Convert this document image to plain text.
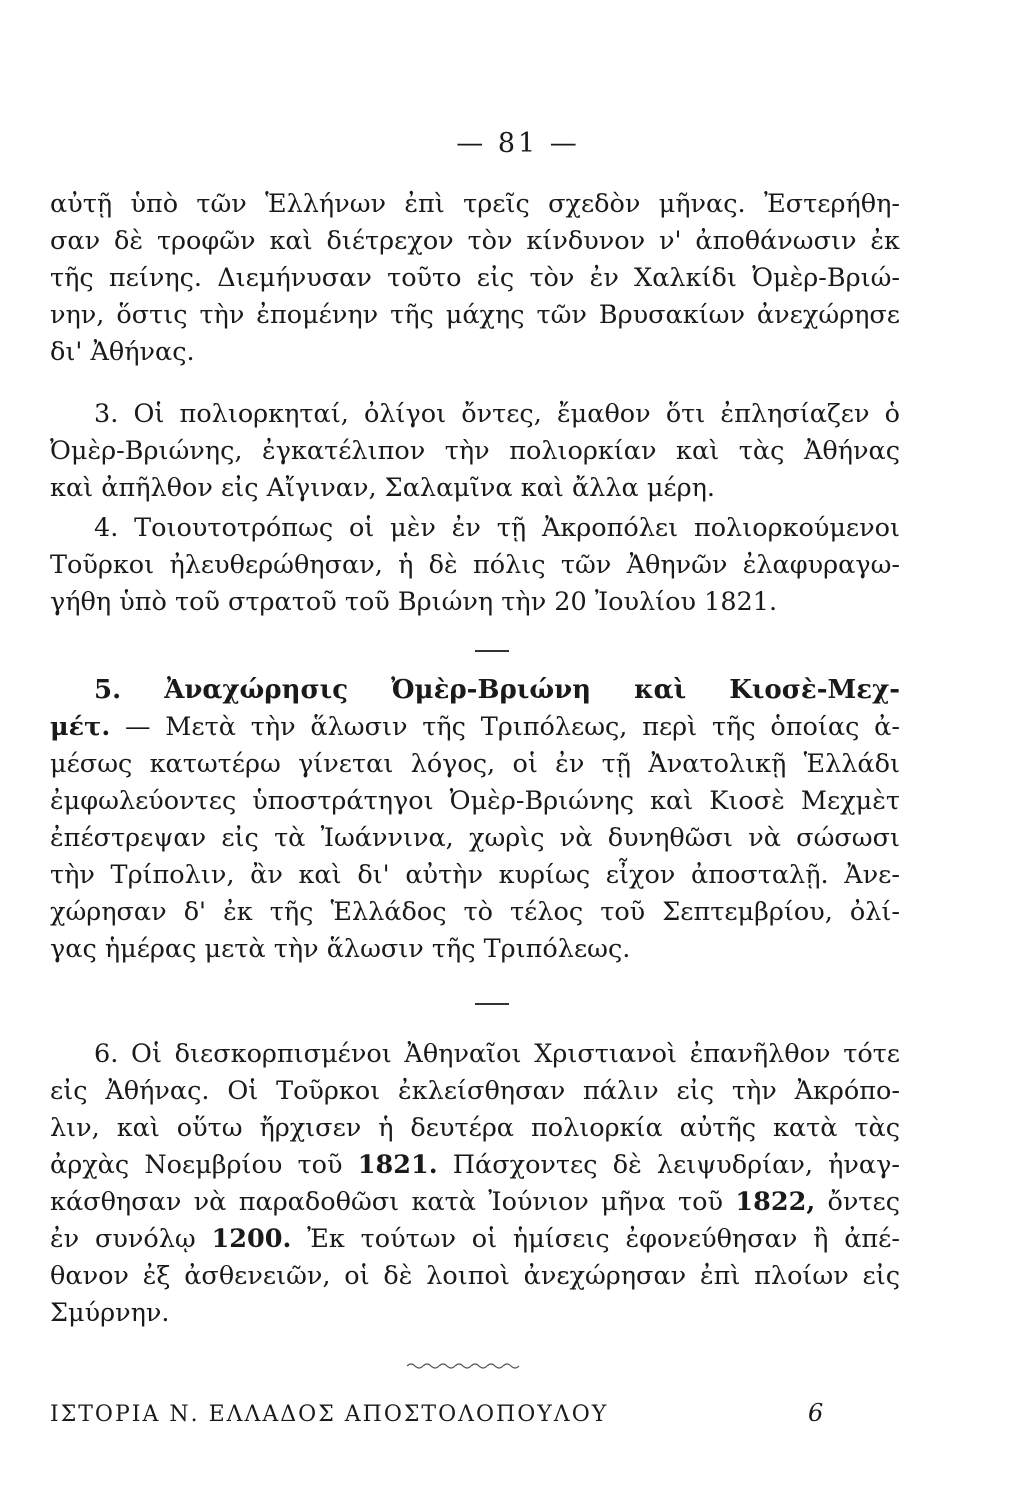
— 81 —
αὐτῇ ὑπὸ τῶν Ἑλλήνων ἐπὶ τρεῖς σχεδὸν μῆνας. Ἐστερήθη-
σαν δὲ τροφῶν καὶ διέτρεχον τὸν κίνδυνον ν' ἀποθάνωσιν ἐκ
τῆς πείνης. Διεμήνυσαν τοῦτο εἰς τὸν ἐν Χαλκίδι Ὀμὲρ-Βριώ-
νην, ὅστις τὴν ἐπομένην τῆς μάχης τῶν Βρυσακίων ἀνεχώρησε
δι' Ἀθήνας.
3. Οἱ πολιορκηταί, ὀλίγοι ὄντες, ἔμαθον ὅτι ἐπλησίαζεν ὁ
Ὀμὲρ-Βριώνης, ἐγκατέλιπον τὴν πολιορκίαν καὶ τὰς Ἀθήνας
καὶ ἀπῆλθον εἰς Αἴγιναν, Σαλαμῖνα καὶ ἄλλα μέρη.
4. Τοιουτοτρόπως οἱ μὲν ἐν τῇ Ἀκροπόλει πολιορκούμενοι
Τοῦρκοι ἠλευθερώθησαν, ἡ δὲ πόλις τῶν Ἀθηνῶν ἐλαφυραγω-
γήθη ὑπὸ τοῦ στρατοῦ τοῦ Βριώνη τὴν 20 Ἰουλίου 1821.
5. Ἀναχώρησις Ὀμὲρ-Βριώνη καὶ Κιοσὲ-Μεχ-
μέτ. — Μετὰ τὴν ἅλωσιν τῆς Τριπόλεως, περὶ τῆς ὁποίας ἀ-
μέσως κατωτέρω γίνεται λόγος, οἱ ἐν τῇ Ἀνατολικῇ Ἑλλάδι
ἐμφωλεύοντες ὑποστράτηγοι Ὀμὲρ-Βριώνης καὶ Κιοσὲ Μεχμὲτ
ἐπέστρεψαν εἰς τὰ Ἰωάννινα, χωρὶς νὰ δυνηθῶσι νὰ σώσωσι
τὴν Τρίπολιν, ἂν καὶ δι' αὐτὴν κυρίως εἶχον ἀποσταλῇ. Ἀνε-
χώρησαν δ' ἐκ τῆς Ἑλλάδος τὸ τέλος τοῦ Σεπτεμβρίου, ὀλί-
γας ἡμέρας μετὰ τὴν ἅλωσιν τῆς Τριπόλεως.
6. Οἱ διεσκορπισμένοι Ἀθηναῖοι Χριστιανοὶ ἐπανῆλθον τότε
εἰς Ἀθήνας. Οἱ Τοῦρκοι ἐκλείσθησαν πάλιν εἰς τὴν Ἀκρόπο-
λιν, καὶ οὕτω ἤρχισεν ἡ δευτέρα πολιορκία αὐτῆς κατὰ τὰς
ἀρχὰς Νοεμβρίου τοῦ 1821. Πάσχοντες δὲ λειψυδρίαν, ἠναγ-
κάσθησαν νὰ παραδοθῶσι κατὰ Ἰούνιον μῆνα τοῦ 1822, ὄντες
ἐν συνόλῳ 1200. Ἐκ τούτων οἱ ἡμίσεις ἐφονεύθησαν ἢ ἀπέ-
θανον ἐξ ἀσθενειῶν, οἱ δὲ λοιποὶ ἀνεχώρησαν ἐπὶ πλοίων εἰς
Σμύρνην.
ΙΣΤΟΡΙΑ Ν. ΕΛΛΑΔΟΣ ΑΠΟΣΤΟΛΟΠΟΥΛΟΥ	6
